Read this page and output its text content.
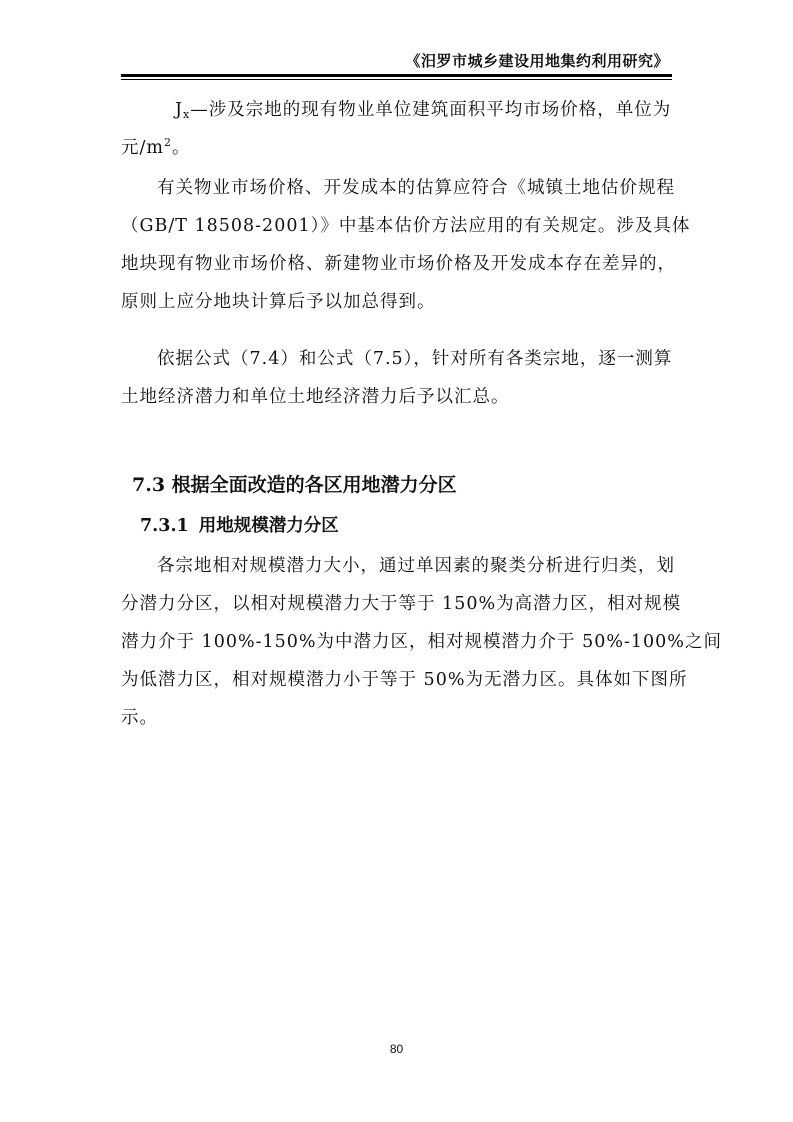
《汨罗市城乡建设用地集约利用研究》
$J_x—$涉及宗地的现有物业单位建筑面积平均市场价格，单位为
元$/m^2$。
有关物业市场价格、开发成本的估算应符合《城镇土地估价规程
（GB/T 18508-2001）》中基本估价方法应用的有关规定。涉及具体
地块现有物业市场价格、新建物业市场价格及开发成本存在差异的，
原则上应分地块计算后予以加总得到。
依据公式（7.4）和公式（7.5），针对所有各类宗地，逐一测算
土地经济潜力和单位土地经济潜力后予以汇总。
7.3 根据全面改造的各区用地潜力分区
7.3.1 用地规模潜力分区
各宗地相对规模潜力大小，通过单因素的聚类分析进行归类，划
分潜力分区，以相对规模潜力大于等于 150%为高潜力区，相对规模
潜力介于 100%-150%为中潜力区，相对规模潜力介于 50%-100%之间
为低潜力区，相对规模潜力小于等于 50%为无潜力区。具体如下图所
示。
80
